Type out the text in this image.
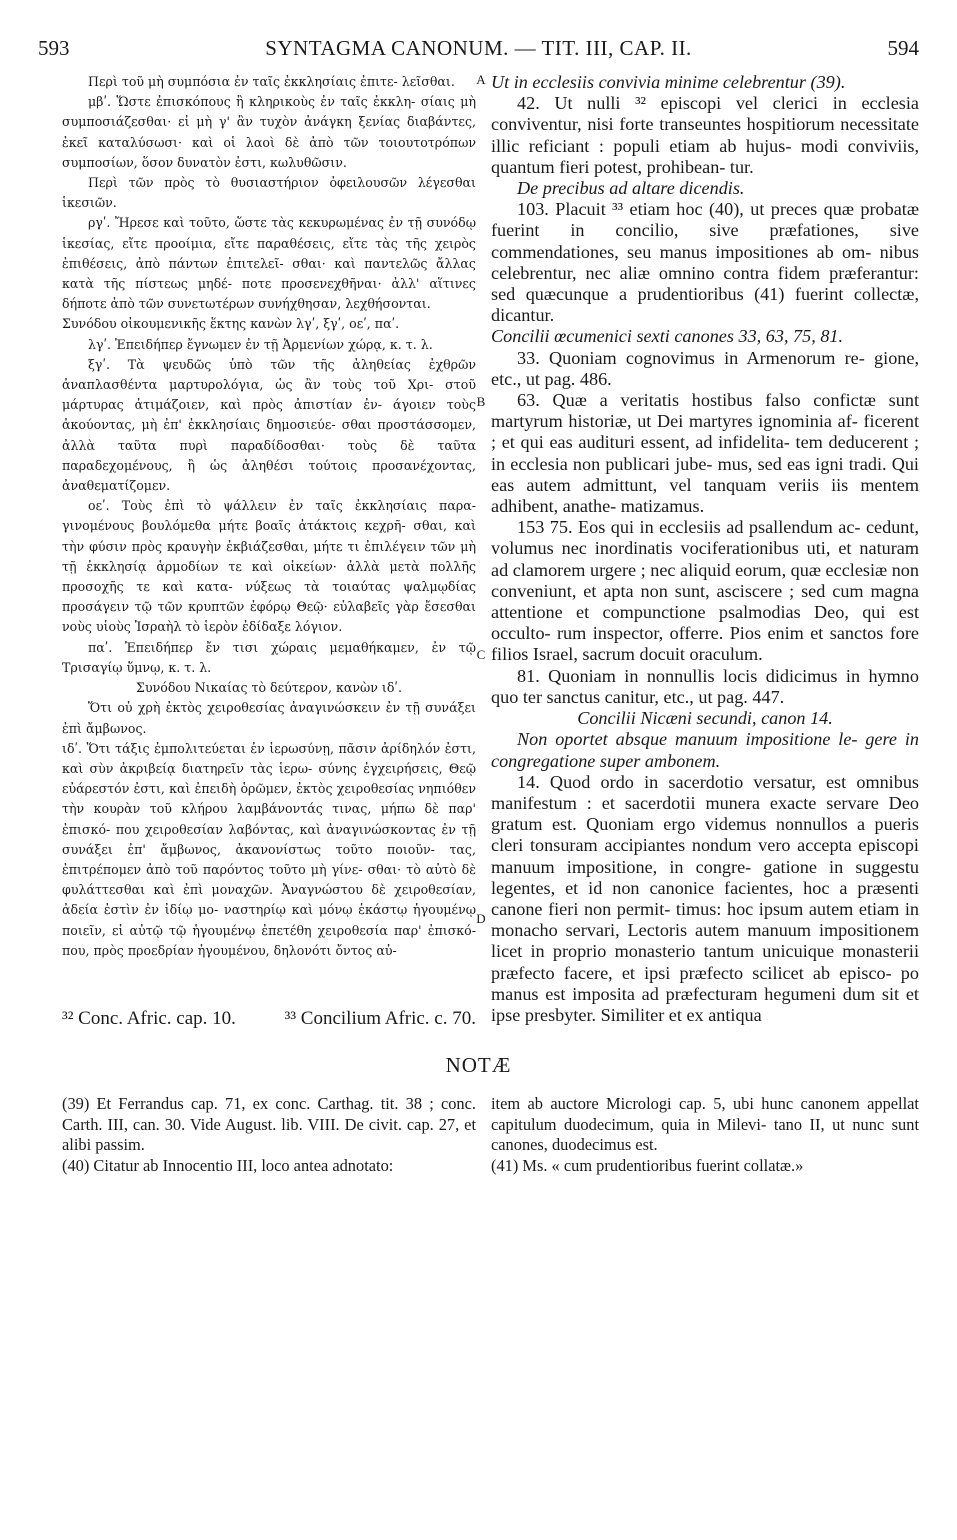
593	SYNTAGMA CANONUM. — TIT. III, CAP. II.	594

Περὶ τοῦ μὴ συμπόσια ἐν ταῖς ἐκκλησίαις ἐπιτε- λεῖσθαι.

μβʹ. Ὥστε ἐπισκόπους ἢ κληρικοὺς ἐν ταῖς ἐκκλη- σίαις μὴ συμποσιάζεσθαι· εἰ μὴ γ' ἂν τυχὸν ἀνάγκη ξενίας διαβάντες, ἐκεῖ καταλύσωσι· καὶ οἱ λαοὶ δὲ ἀπὸ τῶν τοιουτοτρόπων συμποσίων, ὅσον δυνατὸν ἐστι, κωλυθῶσιν.

Περὶ τῶν πρὸς τὸ θυσιαστήριον ὀφειλουσῶν λέγεσθαι ἱκεσιῶν.

ργʹ. Ἤρεσε καὶ τοῦτο, ὥστε τὰς κεκυρωμένας ἐν τῇ συνόδῳ ἱκεσίας, εἴτε προοίμια, εἴτε παραθέσεις, εἴτε τὰς τῆς χειρὸς ἐπιθέσεις, ἀπὸ πάντων ἐπιτελεῖ- σθαι· καὶ παντελῶς ἄλλας κατὰ τῆς πίστεως μηδέ- ποτε προσενεχθῆναι· ἀλλ' αἵτινες δήποτε ἀπὸ τῶν συνετωτέρων συνήχθησαν, λεχθήσονται.

Συνόδου οἰκουμενικῆς ἕκτης κανὼν λγʹ, ξγʹ, οεʹ, παʹ.

λγʹ. Ἐπειδήπερ ἔγνωμεν ἐν τῇ Ἀρμενίων χώρᾳ, κ. τ. λ.

ξγʹ. Τὰ ψευδῶς ὑπὸ τῶν τῆς ἀληθείας ἐχθρῶν ἀναπλασθέντα μαρτυρολόγια, ὡς ἂν τοὺς τοῦ Χρι- στοῦ μάρτυρας ἀτιμάζοιεν, καὶ πρὸς ἀπιστίαν ἐν- άγοιεν τοὺς ἀκούοντας, μὴ ἐπ' ἐκκλησίαις δημοσιεύε- σθαι προστάσσομεν, ἀλλὰ ταῦτα πυρὶ παραδίδοσθαι· τοὺς δὲ ταῦτα παραδεχομένους, ἢ ὡς ἀληθέσι τούτοις προσανέχοντας, ἀναθεματίζομεν.

οεʹ. Τοὺς ἐπὶ τὸ ψάλλειν ἐν ταῖς ἐκκλησίαις παρα- γινομένους βουλόμεθα μήτε βοαῖς ἀτάκτοις κεχρῆ- σθαι, καὶ τὴν φύσιν πρὸς κραυγὴν ἐκβιάζεσθαι, μήτε τι ἐπιλέγειν τῶν μὴ τῇ ἐκκλησίᾳ ἁρμοδίων τε καὶ οἰκείων· ἀλλὰ μετὰ πολλῆς προσοχῆς τε καὶ κατα- νύξεως τὰ τοιαύτας ψαλμῳδίας προσάγειν τῷ τῶν κρυπτῶν ἐφόρῳ Θεῷ· εὐλαβεῖς γὰρ ἔσεσθαι νοὺς υἱοὺς Ἰσραὴλ τὸ ἱερὸν ἐδίδαξε λόγιον.

παʹ. Ἐπειδήπερ ἔν τισι χώραις μεμαθήκαμεν, ἐν τῷ Τρισαγίῳ ὕμνῳ, κ. τ. λ.

Συνόδου Νικαίας τὸ δεύτερον, κανὼν ιδʹ.

Ὅτι οὐ χρὴ ἐκτὸς χειροθεσίας ἀναγινώσκειν ἐν τῇ συνάξει ἐπὶ ἄμβωνος.

ιδʹ. Ὅτι τάξις ἐμπολιτεύεται ἐν ἱερωσύνῃ, πᾶσιν ἀρίδηλόν ἐστι, καὶ σὺν ἀκριβείᾳ διατηρεῖν τὰς ἱερω- σύνης ἐγχειρήσεις, Θεῷ εὐάρεστόν ἐστι, καὶ ἐπειδὴ ὁρῶμεν, ἐκτὸς χειροθεσίας νηπιόθεν τὴν κουρὰν τοῦ κλήρου λαμβάνοντάς τινας, μήπω δὲ παρ' ἐπισκό- που χειροθεσίαν λαβόντας, καὶ ἀναγινώσκοντας ἐν τῇ συνάξει ἐπ' ἄμβωνος, ἀκανονίστως τοῦτο ποιοῦν- τας, ἐπιτρέπομεν ἀπὸ τοῦ παρόντος τοῦτο μὴ γίνε- σθαι· τὸ αὐτὸ δὲ φυλάττεσθαι καὶ ἐπὶ μοναχῶν. Ἀναγνώστου δὲ χειροθεσίαν, ἀδεία ἐστὶν ἐν ἰδίῳ μο- ναστηρίῳ καὶ μόνῳ ἑκάστῳ ἡγουμένῳ ποιεῖν, εἰ αὐτῷ τῷ ἡγουμένῳ ἐπετέθη χειροθεσία παρ' ἐπισκό- που, πρὸς προεδρίαν ἡγουμένου, δηλονότι ὄντος αὐ-

A
B
C
D

Ut in ecclesiis convivia minime celebrentur (39).

42. Ut nulli ³² episcopi vel clerici in ecclesia conviventur, nisi forte transeuntes hospitiorum necessitate illic reficiant : populi etiam ab hujus- modi conviviis, quantum fieri potest, prohibean- tur.

De precibus ad altare dicendis.

103. Placuit ³³ etiam hoc (40), ut preces quæ probatæ fuerint in concilio, sive præfationes, sive commendationes, seu manus impositiones ab om- nibus celebrentur, nec aliæ omnino contra fidem præferantur: sed quæcunque a prudentioribus (41) fuerint collectæ, dicantur.

Concilii œcumenici sexti canones 33, 63, 75, 81.

33. Quoniam cognovimus in Armenorum re- gione, etc., ut pag. 486.

63. Quæ a veritatis hostibus falso confictæ sunt martyrum historiæ, ut Dei martyres ignominia af- ficerent ; et qui eas audituri essent, ad infidelita- tem deducerent ; in ecclesia non publicari jube- mus, sed eas igni tradi. Qui eas autem admittunt, vel tanquam veriis iis mentem adhibent, anathe- matizamus.

153 75. Eos qui in ecclesiis ad psallendum ac- cedunt, volumus nec inordinatis vociferationibus uti, et naturam ad clamorem urgere ; nec aliquid eorum, quæ ecclesiæ non conveniunt, et apta non sunt, asciscere ; sed cum magna attentione et compunctione psalmodias Deo, qui est occulto- rum inspector, offerre. Pios enim et sanctos fore filios Israel, sacrum docuit oraculum.

81. Quoniam in nonnullis locis didicimus in hymno quo ter sanctus canitur, etc., ut pag. 447.

Concilii Nicæni secundi, canon 14.

Non oportet absque manuum impositione le- gere in congregatione super ambonem.

14. Quod ordo in sacerdotio versatur, est omnibus manifestum : et sacerdotii munera exacte servare Deo gratum est. Quoniam ergo videmus nonnullos a pueris cleri tonsuram accipiantes nondum vero accepta episcopi manuum impositione, in congre- gatione in suggestu legentes, et id non canonice facientes, hoc a præsenti canone fieri non permit- timus: hoc ipsum autem etiam in monacho servari, Lectoris autem manuum impositionem licet in proprio monasterio tantum unicuique monasterii præfecto facere, et ipsi præfecto scilicet ab episco- po manus est imposita ad præfecturam hegumeni dum sit et ipse presbyter. Similiter et ex antiqua

³² Conc. Afric. cap. 10.	³³ Concilium Afric. c. 70.
NOTÆ

(39) Et Ferrandus cap. 71, ex conc. Carthag. tit. 38 ; conc. Carth. III, can. 30. Vide August. lib. VIII. De civit. cap. 27, et alibi passim.

(40) Citatur ab Innocentio III, loco antea adnotato:

item ab auctore Micrologi cap. 5, ubi hunc canonem appellat capitulum duodecimum, quia in Milevi- tano II, ut nunc sunt canones, duodecimus est.

(41) Ms. « cum prudentioribus fuerint collatæ.»
